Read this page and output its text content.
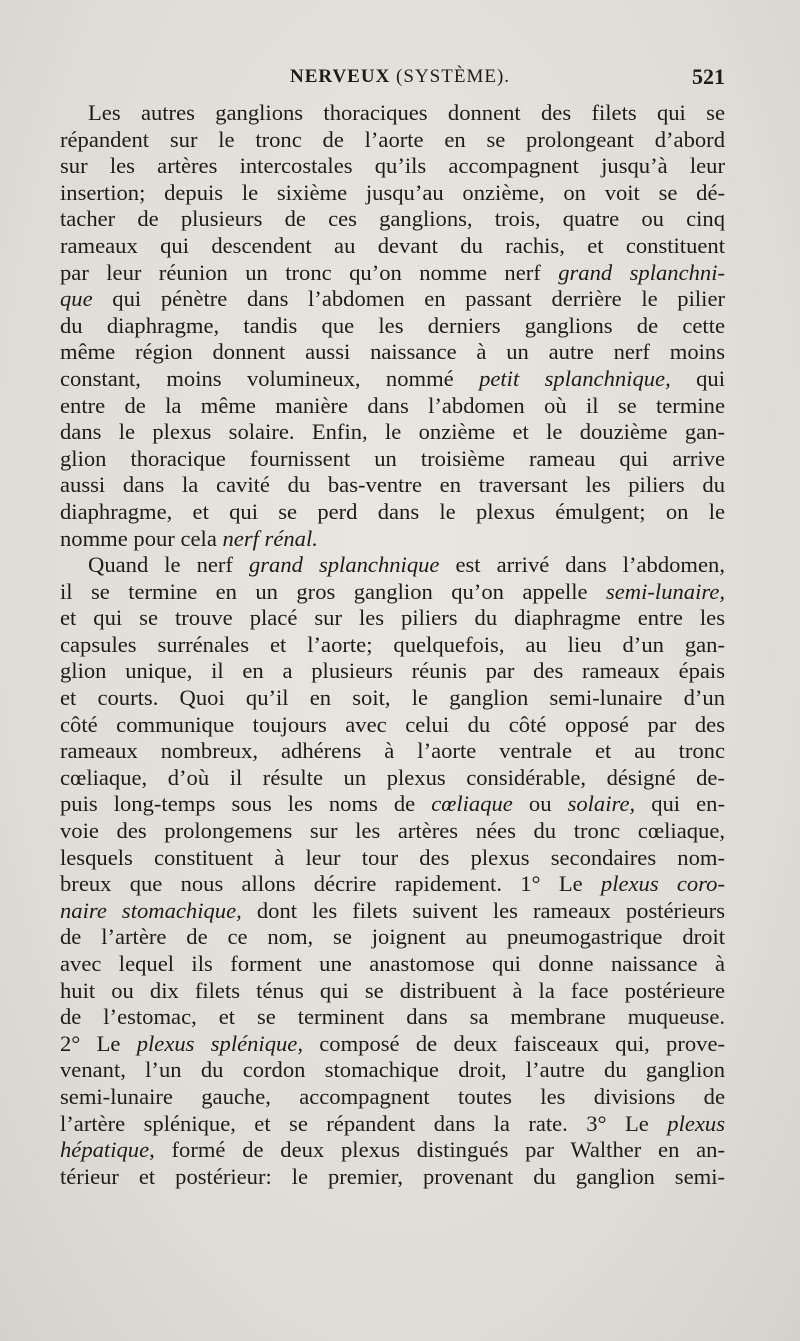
NERVEUX (SYSTÈME).	521
Les autres ganglions thoraciques donnent des filets qui se
répandent sur le tronc de l’aorte en se prolongeant d’abord
sur les artères intercostales qu’ils accompagnent jusqu’à leur
insertion; depuis le sixième jusqu’au onzième, on voit se dé-
tacher de plusieurs de ces ganglions, trois, quatre ou cinq
rameaux qui descendent au devant du rachis, et constituent
par leur réunion un tronc qu’on nomme nerf grand splanchni-
que qui pénètre dans l’abdomen en passant derrière le pilier
du diaphragme, tandis que les derniers ganglions de cette
même région donnent aussi naissance à un autre nerf moins
constant, moins volumineux, nommé petit splanchnique, qui
entre de la même manière dans l’abdomen où il se termine
dans le plexus solaire. Enfin, le onzième et le douzième gan-
glion thoracique fournissent un troisième rameau qui arrive
aussi dans la cavité du bas-ventre en traversant les piliers du
diaphragme, et qui se perd dans le plexus émulgent; on le
nomme pour cela nerf rénal.
Quand le nerf grand splanchnique est arrivé dans l’abdomen,
il se termine en un gros ganglion qu’on appelle semi-lunaire,
et qui se trouve placé sur les piliers du diaphragme entre les
capsules surrénales et l’aorte; quelquefois, au lieu d’un gan-
glion unique, il en a plusieurs réunis par des rameaux épais
et courts. Quoi qu’il en soit, le ganglion semi-lunaire d’un
côté communique toujours avec celui du côté opposé par des
rameaux nombreux, adhérens à l’aorte ventrale et au tronc
cœliaque, d’où il résulte un plexus considérable, désigné de-
puis long-temps sous les noms de cœliaque ou solaire, qui en-
voie des prolongemens sur les artères nées du tronc cœliaque,
lesquels constituent à leur tour des plexus secondaires nom-
breux que nous allons décrire rapidement. 1° Le plexus coro-
naire stomachique, dont les filets suivent les rameaux postérieurs
de l’artère de ce nom, se joignent au pneumogastrique droit
avec lequel ils forment une anastomose qui donne naissance à
huit ou dix filets ténus qui se distribuent à la face postérieure
de l’estomac, et se terminent dans sa membrane muqueuse.
2° Le plexus splénique, composé de deux faisceaux qui, prove-
venant, l’un du cordon stomachique droit, l’autre du ganglion
semi-lunaire gauche, accompagnent toutes les divisions de
l’artère splénique, et se répandent dans la rate. 3° Le plexus
hépatique, formé de deux plexus distingués par Walther en an-
térieur et postérieur: le premier, provenant du ganglion semi-
